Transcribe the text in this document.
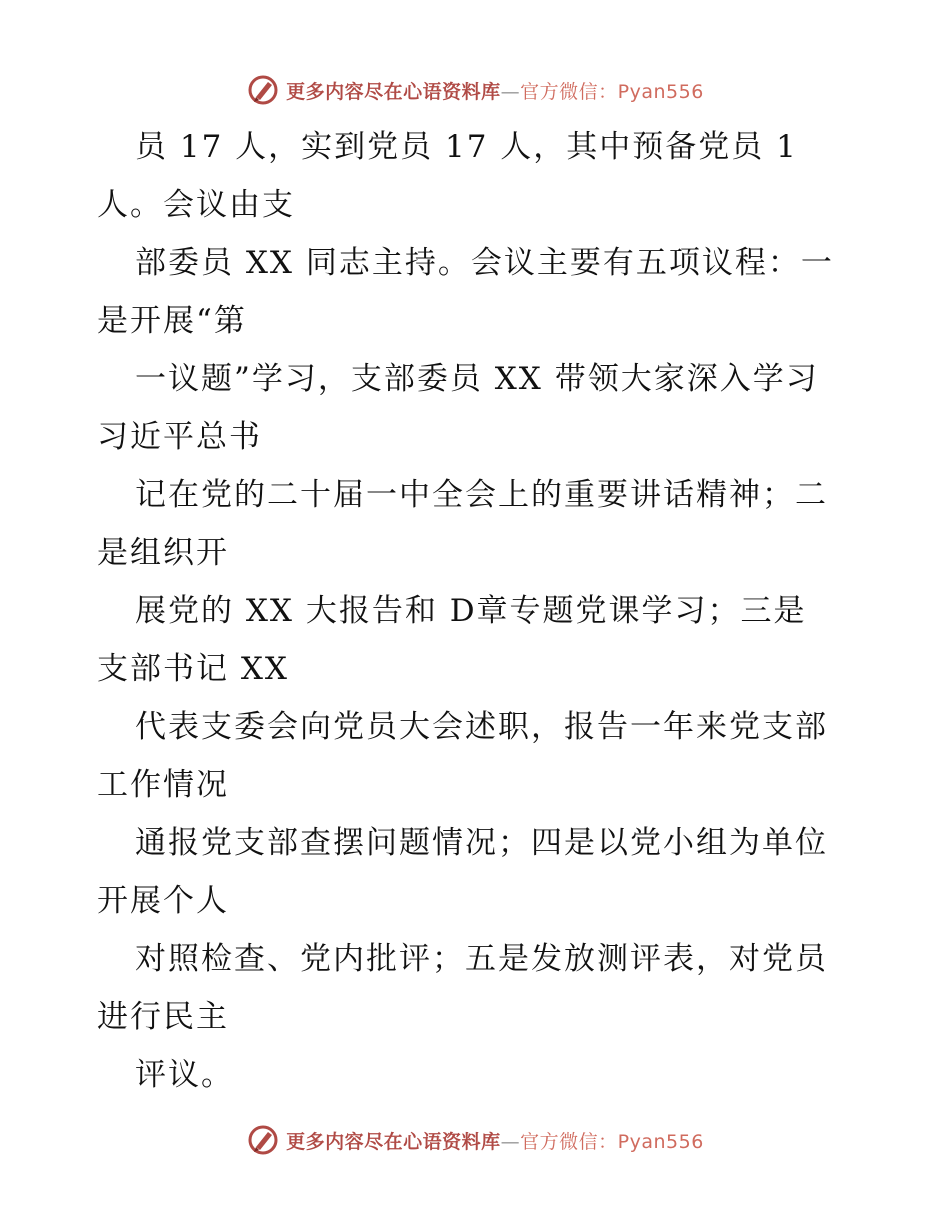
更多内容尽在心语资料库—官方微信：Pyan556
员 17 人，实到党员 17 人，其中预备党员 1
人。会议由支
部委员 XX 同志主持。会议主要有五项议程：一
是开展“第
一议题”学习，支部委员 XX 带领大家深入学习
习近平总书
记在党的二十届一中全会上的重要讲话精神；二
是组织开
展党的 XX 大报告和 D章专题党课学习；三是
支部书记 XX
代表支委会向党员大会述职，报告一年来党支部
工作情况
通报党支部查摆问题情况；四是以党小组为单位
开展个人
对照检查、党内批评；五是发放测评表，对党员
进行民主
评议。
更多内容尽在心语资料库—官方微信：Pyan556
